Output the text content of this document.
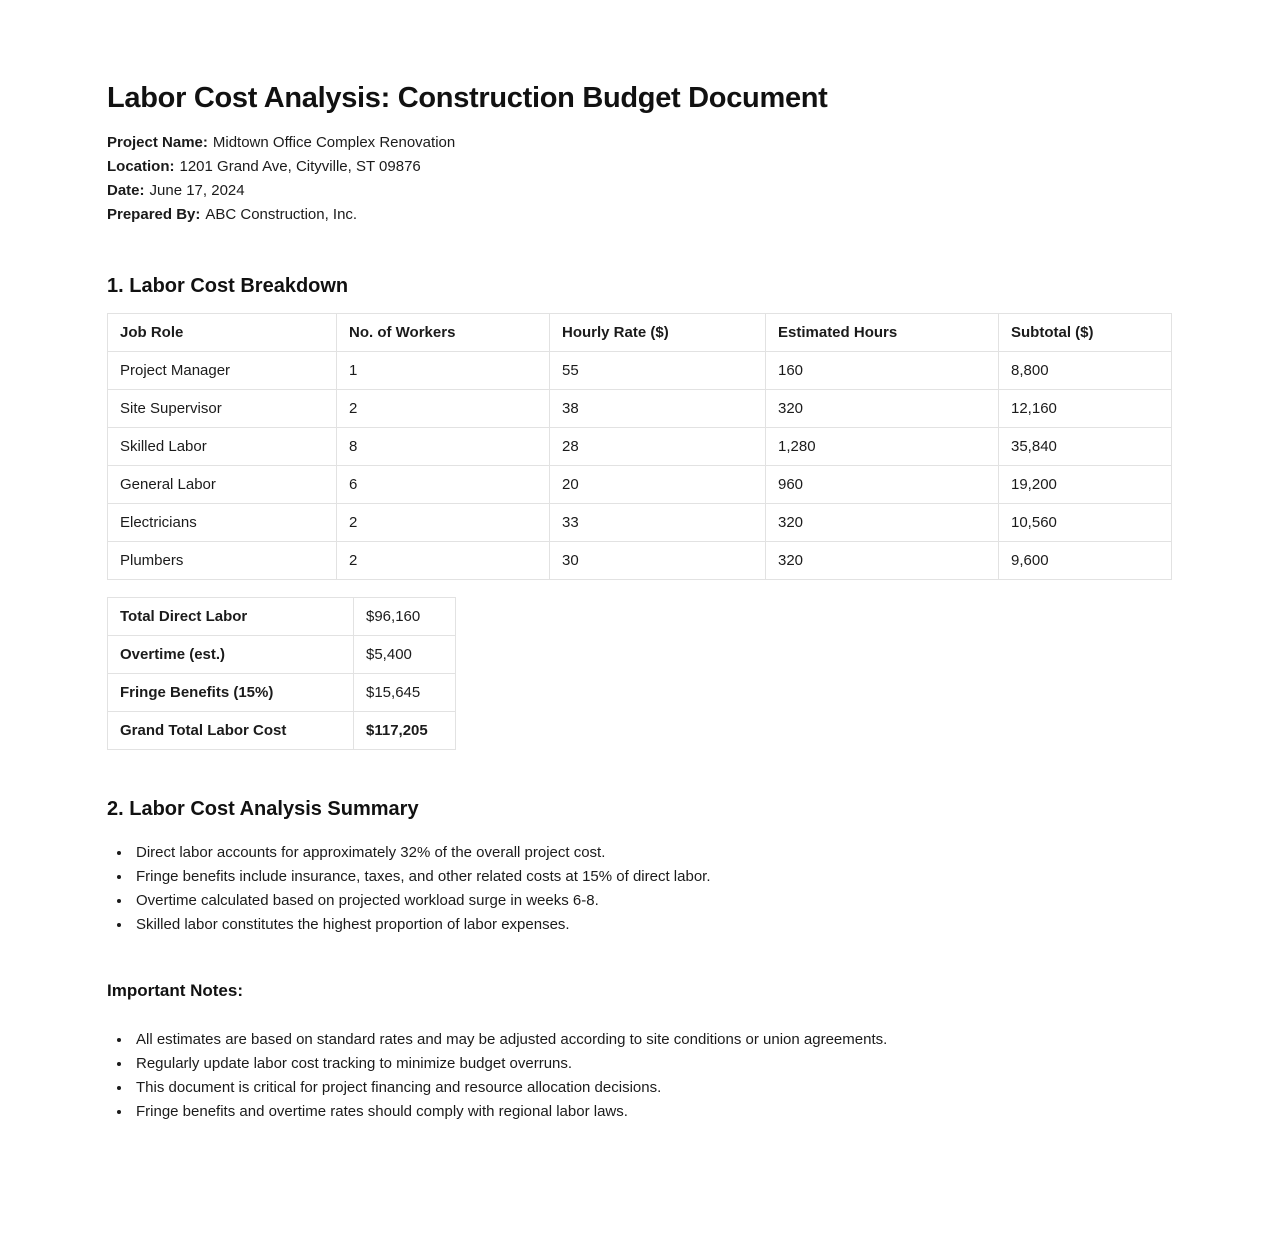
Labor Cost Analysis: Construction Budget Document

Project Name: Midtown Office Complex Renovation

Location: 1201 Grand Ave, Cityville, ST 09876

Date: June 17, 2024

Prepared By: ABC Construction, Inc.

1. Labor Cost Breakdown
Job Role	No. of Workers	Hourly Rate ($)	Estimated Hours	Subtotal ($)
Project Manager	1	55	160	8,800
Site Supervisor	2	38	320	12,160
Skilled Labor	8	28	1,280	35,840
General Labor	6	20	960	19,200
Electricians	2	33	320	10,560
Plumbers	2	30	320	9,600
Total Direct Labor	$96,160
Overtime (est.)	$5,400
Fringe Benefits (15%)	$15,645
Grand Total Labor Cost	$117,205
2. Labor Cost Analysis Summary
• Direct labor accounts for approximately 32% of the overall project cost.
• Fringe benefits include insurance, taxes, and other related costs at 15% of direct labor.
• Overtime calculated based on projected workload surge in weeks 6-8.
• Skilled labor constitutes the highest proportion of labor expenses.
Important Notes:
• All estimates are based on standard rates and may be adjusted according to site conditions or union agreements.
• Regularly update labor cost tracking to minimize budget overruns.
• This document is critical for project financing and resource allocation decisions.
• Fringe benefits and overtime rates should comply with regional labor laws.
